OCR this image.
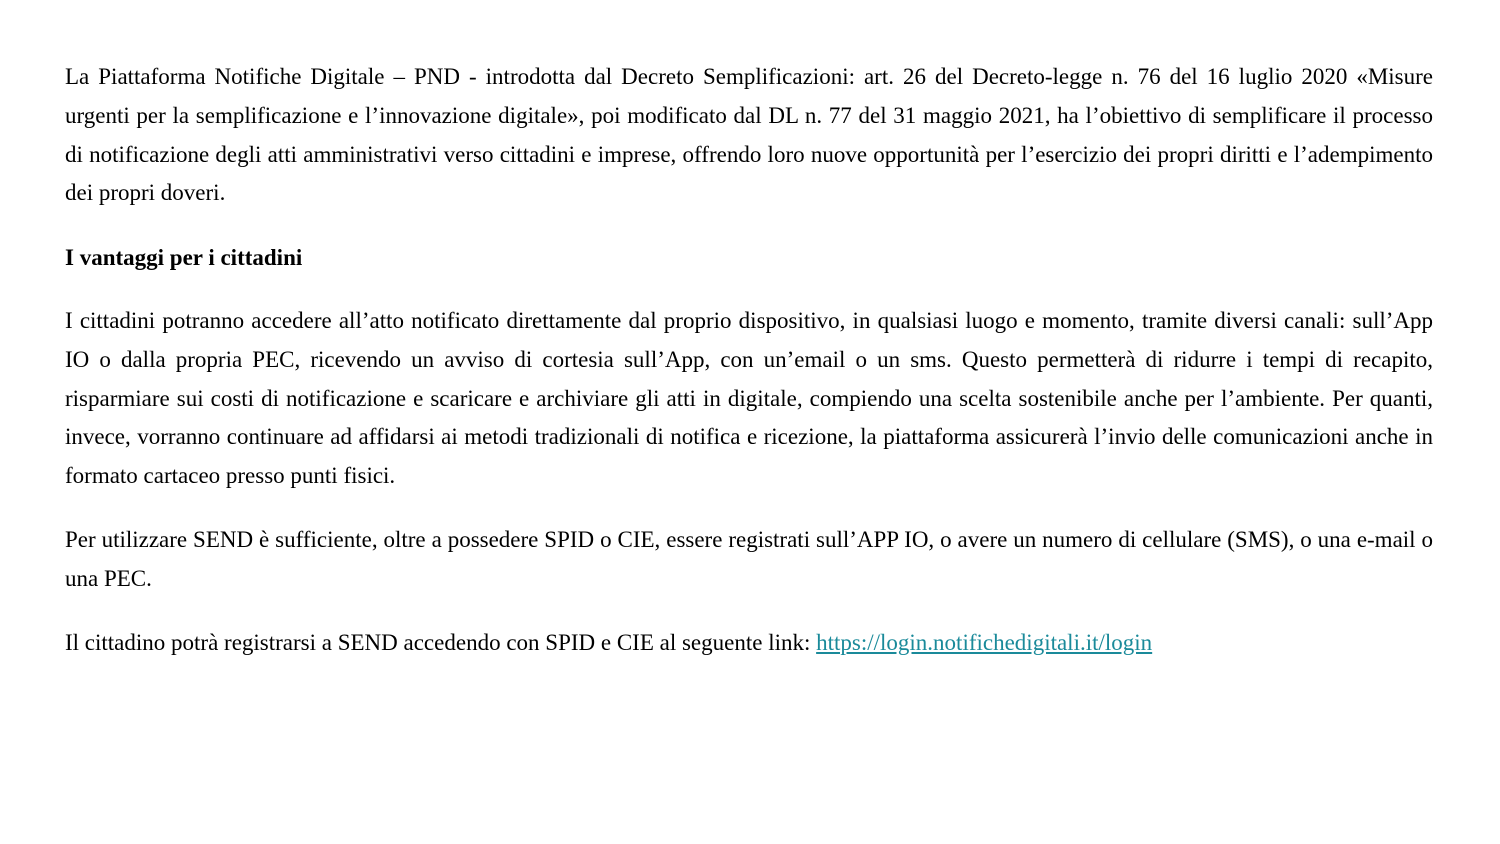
La Piattaforma Notifiche Digitale – PND - introdotta dal Decreto Semplificazioni: art. 26 del Decreto-legge n. 76 del 16 luglio 2020 «Misure urgenti per la semplificazione e l’innovazione digitale», poi modificato dal DL n. 77 del 31 maggio 2021, ha l’obiettivo di semplificare il processo di notificazione degli atti amministrativi verso cittadini e imprese, offrendo loro nuove opportunità per l’esercizio dei propri diritti e l’adempimento dei propri doveri.

I vantaggi per i cittadini

I cittadini potranno accedere all’atto notificato direttamente dal proprio dispositivo, in qualsiasi luogo e momento, tramite diversi canali: sull’App IO o dalla propria PEC, ricevendo un avviso di cortesia sull’App, con un’email o un sms. Questo permetterà di ridurre i tempi di recapito, risparmiare sui costi di notificazione e scaricare e archiviare gli atti in digitale, compiendo una scelta sostenibile anche per l’ambiente. Per quanti, invece, vorranno continuare ad affidarsi ai metodi tradizionali di notifica e ricezione, la piattaforma assicurerà l’invio delle comunicazioni anche in formato cartaceo presso punti fisici.

Per utilizzare SEND è sufficiente, oltre a possedere SPID o CIE, essere registrati sull’APP IO, o avere un numero di cellulare (SMS), o una e-mail o una PEC.

Il cittadino potrà registrarsi a SEND accedendo con SPID e CIE al seguente link: https://login.notifichedigitali.it/login
